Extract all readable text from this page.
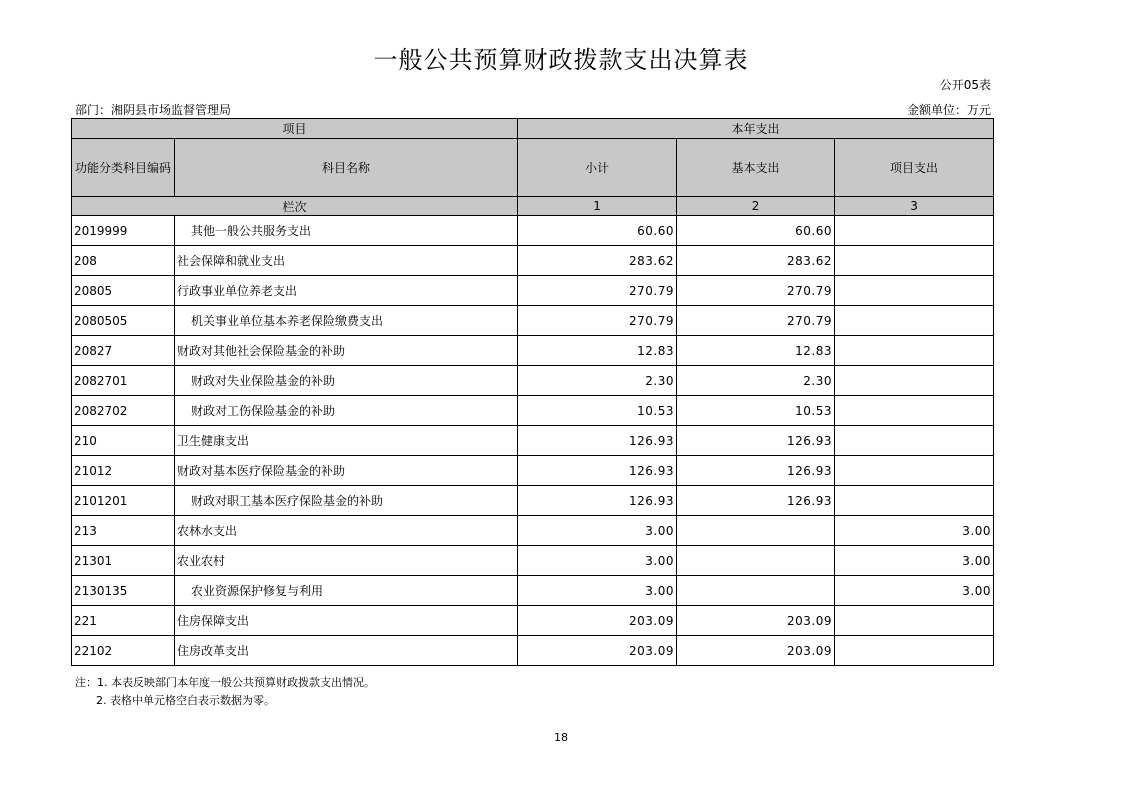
一般公共预算财政拨款支出决算表
公开05表
部门：湘阴县市场监督管理局	金额单位：万元
项目		本年支出		
功能分类科目编码	科目名称	小计	基本支出	项目支出
栏次		1	2	3
2019999	其他一般公共服务支出	60.60	60.60	
208	社会保障和就业支出	283.62	283.62	
20805	行政事业单位养老支出	270.79	270.79	
2080505	机关事业单位基本养老保险缴费支出	270.79	270.79	
20827	财政对其他社会保险基金的补助	12.83	12.83	
2082701	财政对失业保险基金的补助	2.30	2.30	
2082702	财政对工伤保险基金的补助	10.53	10.53	
210	卫生健康支出	126.93	126.93	
21012	财政对基本医疗保险基金的补助	126.93	126.93	
2101201	财政对职工基本医疗保险基金的补助	126.93	126.93	
213	农林水支出	3.00		3.00
21301	农业农村	3.00		3.00
2130135	农业资源保护修复与利用	3.00		3.00
221	住房保障支出	203.09	203.09	
22102	住房改革支出	203.09	203.09	
注：1. 本表反映部门本年度一般公共预算财政拨款支出情况。
2. 表格中单元格空白表示数据为零。
18
